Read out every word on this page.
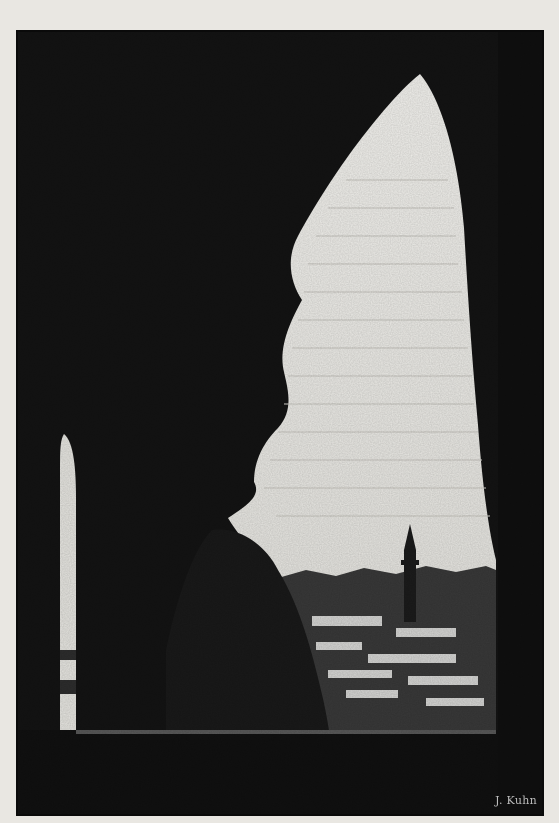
J. Kuhn
